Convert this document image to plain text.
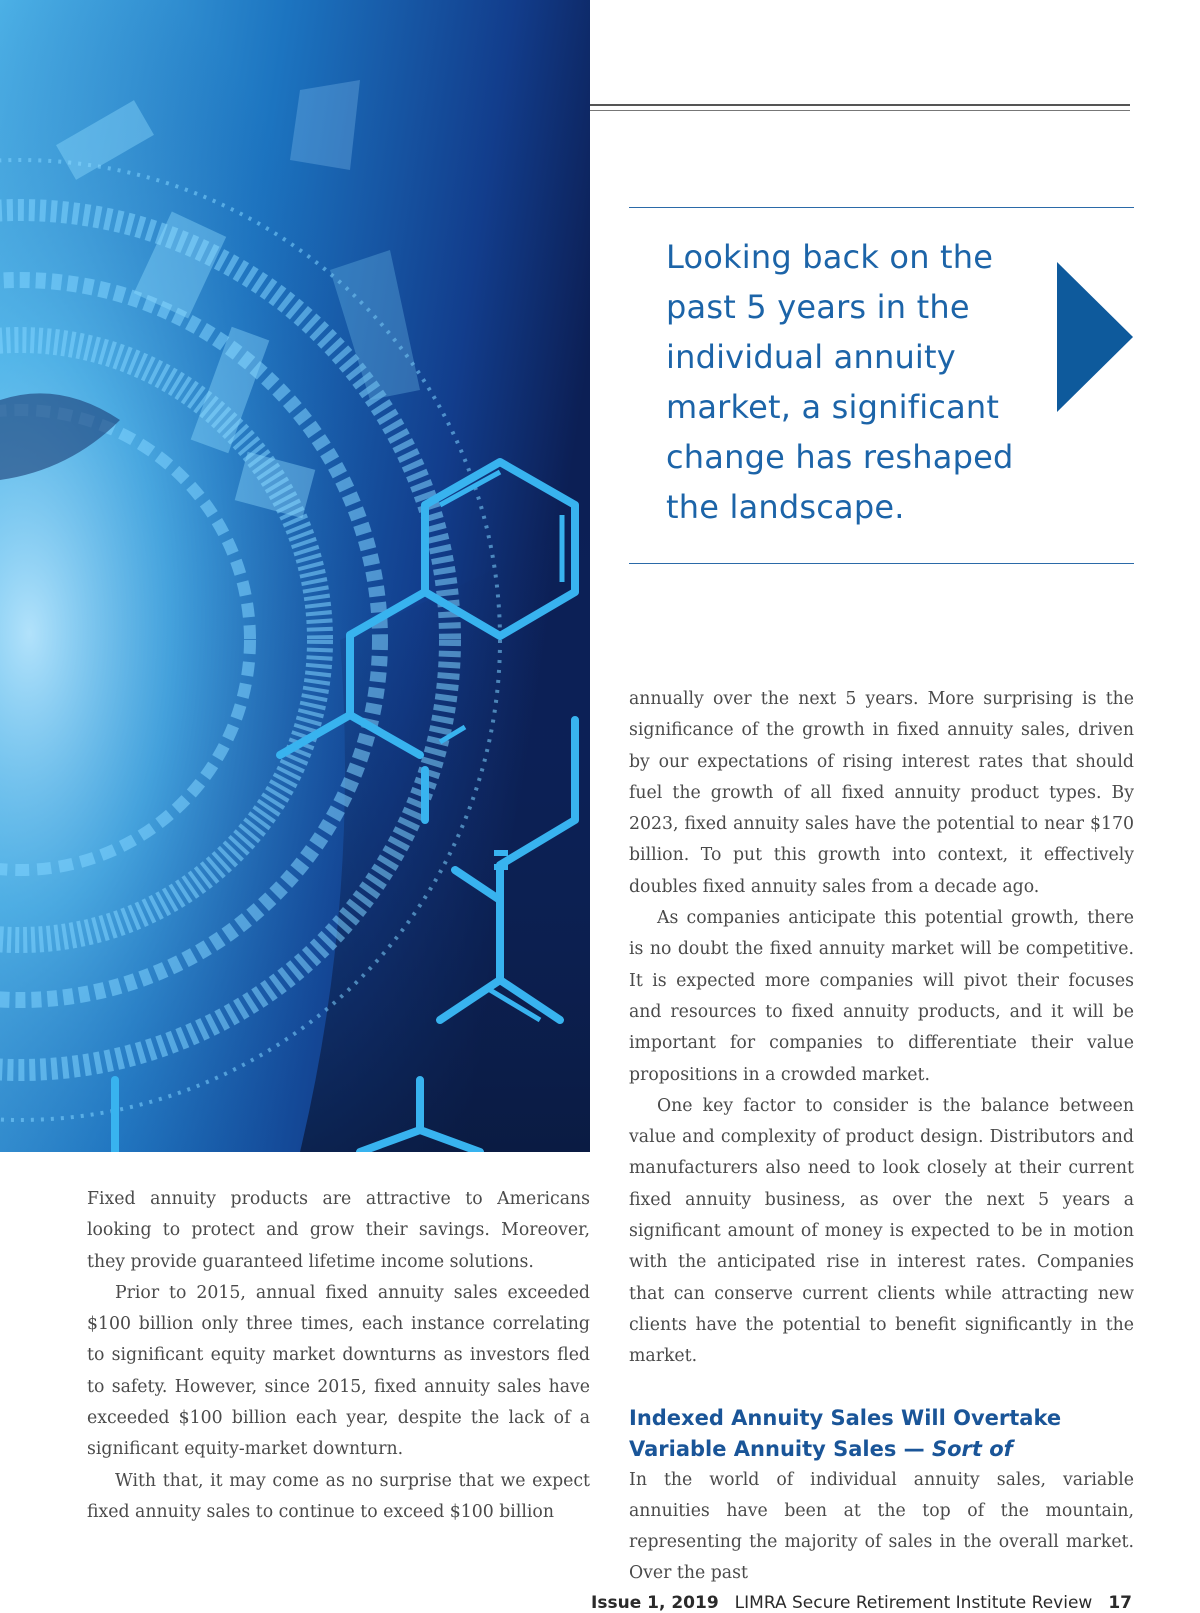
Looking back on the past 5 years in the individual annuity market, a significant change has reshaped the landscape.

Fixed annuity products are attractive to Americans looking to protect and grow their savings. Moreover, they provide guaranteed lifetime income solutions.

Prior to 2015, annual fixed annuity sales exceeded $100 billion only three times, each instance correlating to significant equity market downturns as investors fled to safety. However, since 2015, fixed annuity sales have exceeded $100 billion each year, despite the lack of a significant equity-market downturn.

With that, it may come as no surprise that we expect fixed annuity sales to continue to exceed $100 billion

annually over the next 5 years. More surprising is the significance of the growth in fixed annuity sales, driven by our expectations of rising interest rates that should fuel the growth of all fixed annuity product types. By 2023, fixed annuity sales have the potential to near $170 billion. To put this growth into context, it effectively doubles fixed annuity sales from a decade ago.

As companies anticipate this potential growth, there is no doubt the fixed annuity market will be competitive. It is expected more companies will pivot their focuses and resources to fixed annuity products, and it will be important for companies to differentiate their value propositions in a crowded market.

One key factor to consider is the balance between value and complexity of product design. Distributors and manufacturers also need to look closely at their current fixed annuity business, as over the next 5 years a significant amount of money is expected to be in motion with the anticipated rise in interest rates. Companies that can conserve current clients while attracting new clients have the potential to benefit significantly in the market.

Indexed Annuity Sales Will Overtake Variable Annuity Sales — Sort of

In the world of individual annuity sales, variable annuities have been at the top of the mountain, representing the majority of sales in the overall market. Over the past

Issue 1, 2019 LIMRA Secure Retirement Institute Review 17
